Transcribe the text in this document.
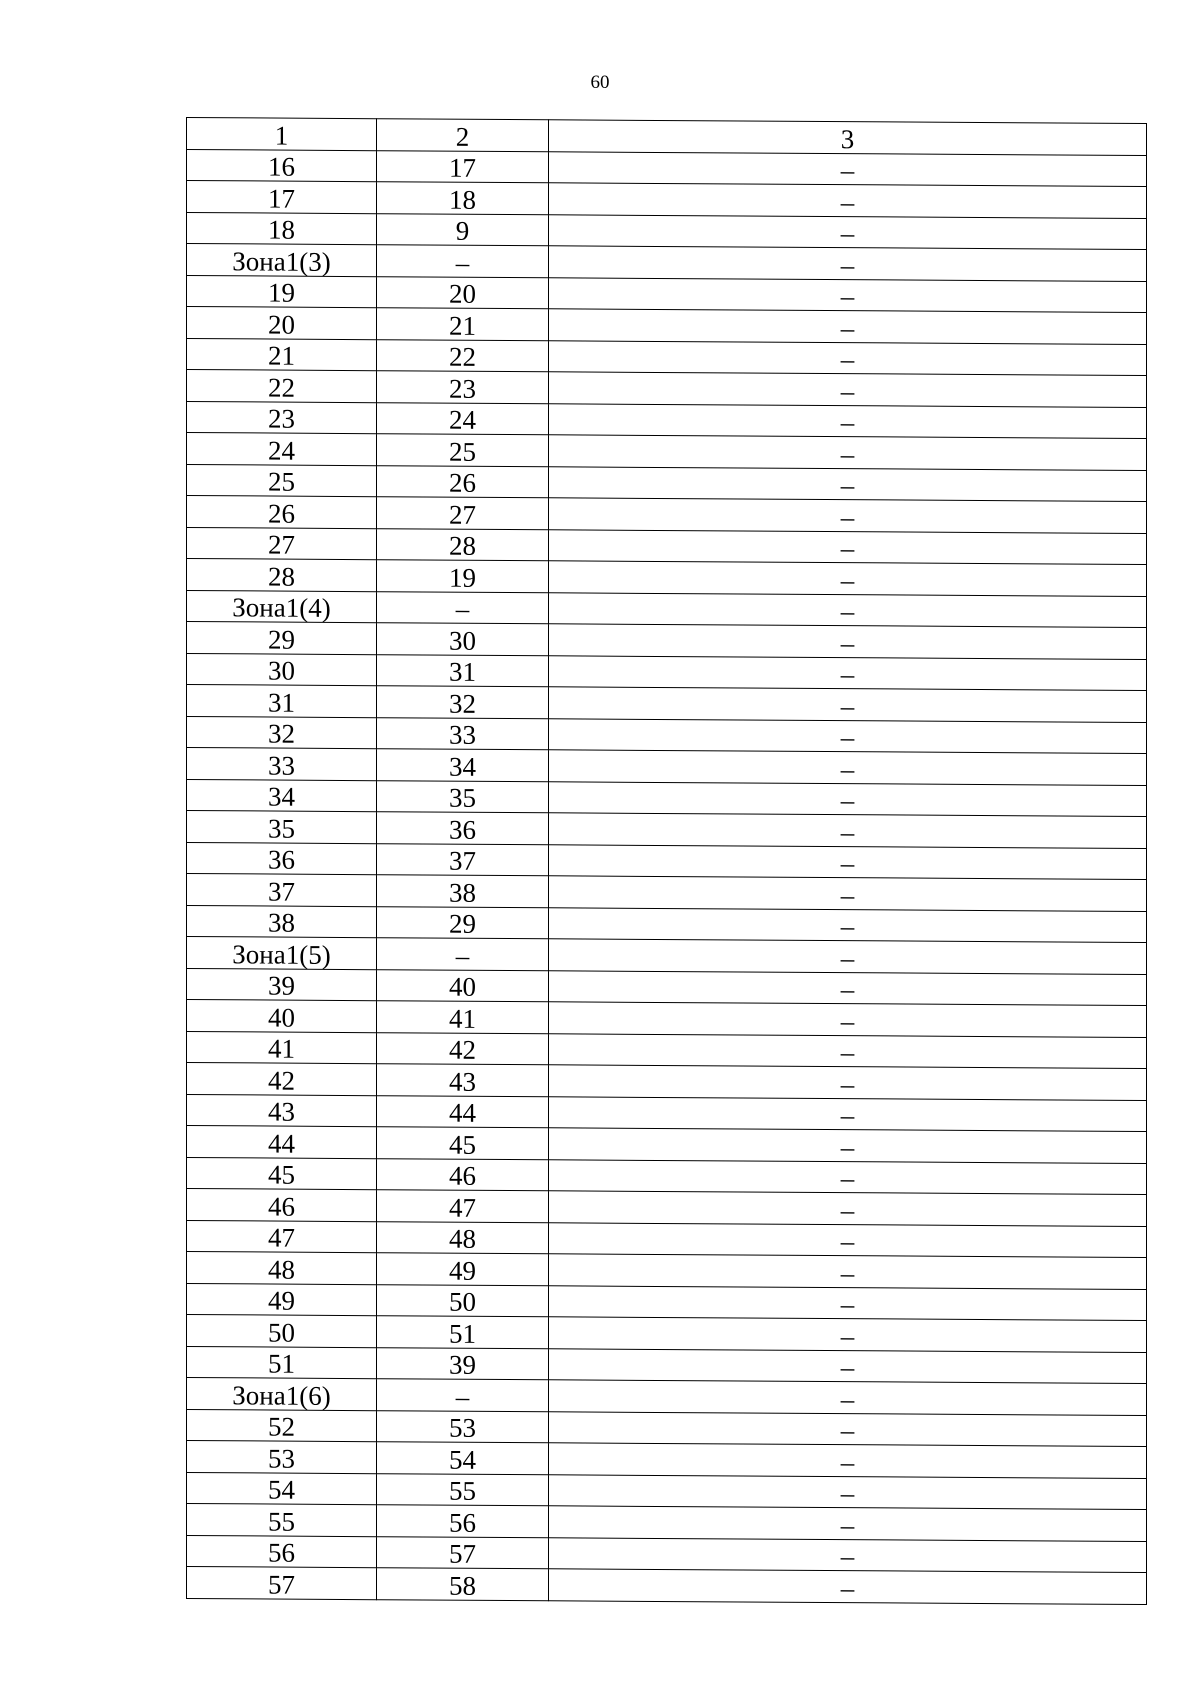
60
1	2	3
16	17	–
17	18	–
18	9	–
Зона1(3)	–	–
19	20	–
20	21	–
21	22	–
22	23	–
23	24	–
24	25	–
25	26	–
26	27	–
27	28	–
28	19	–
Зона1(4)	–	–
29	30	–
30	31	–
31	32	–
32	33	–
33	34	–
34	35	–
35	36	–
36	37	–
37	38	–
38	29	–
Зона1(5)	–	–
39	40	–
40	41	–
41	42	–
42	43	–
43	44	–
44	45	–
45	46	–
46	47	–
47	48	–
48	49	–
49	50	–
50	51	–
51	39	–
Зона1(6)	–	–
52	53	–
53	54	–
54	55	–
55	56	–
56	57	–
57	58	–
